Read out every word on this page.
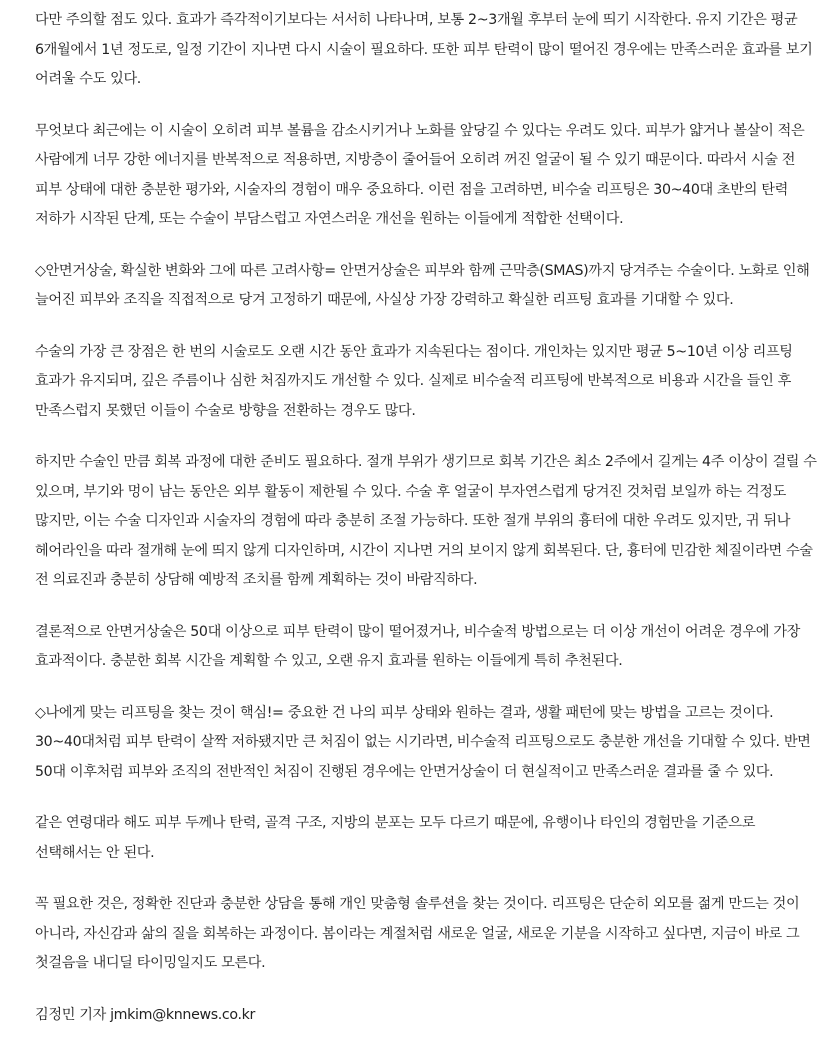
다만 주의할 점도 있다. 효과가 즉각적이기보다는 서서히 나타나며, 보통 2~3개월 후부터 눈에 띄기 시작한다. 유지 기간은 평균 6개월에서 1년 정도로, 일정 기간이 지나면 다시 시술이 필요하다. 또한 피부 탄력이 많이 떨어진 경우에는 만족스러운 효과를 보기 어려울 수도 있다.

무엇보다 최근에는 이 시술이 오히려 피부 볼륨을 감소시키거나 노화를 앞당길 수 있다는 우려도 있다. 피부가 얇거나 볼살이 적은 사람에게 너무 강한 에너지를 반복적으로 적용하면, 지방층이 줄어들어 오히려 꺼진 얼굴이 될 수 있기 때문이다. 따라서 시술 전 피부 상태에 대한 충분한 평가와, 시술자의 경험이 매우 중요하다. 이런 점을 고려하면, 비수술 리프팅은 30~40대 초반의 탄력 저하가 시작된 단계, 또는 수술이 부담스럽고 자연스러운 개선을 원하는 이들에게 적합한 선택이다.

◇안면거상술, 확실한 변화와 그에 따른 고려사항= 안면거상술은 피부와 함께 근막층(SMAS)까지 당겨주는 수술이다. 노화로 인해 늘어진 피부와 조직을 직접적으로 당겨 고정하기 때문에, 사실상 가장 강력하고 확실한 리프팅 효과를 기대할 수 있다.

수술의 가장 큰 장점은 한 번의 시술로도 오랜 시간 동안 효과가 지속된다는 점이다. 개인차는 있지만 평균 5~10년 이상 리프팅 효과가 유지되며, 깊은 주름이나 심한 처짐까지도 개선할 수 있다. 실제로 비수술적 리프팅에 반복적으로 비용과 시간을 들인 후 만족스럽지 못했던 이들이 수술로 방향을 전환하는 경우도 많다.

하지만 수술인 만큼 회복 과정에 대한 준비도 필요하다. 절개 부위가 생기므로 회복 기간은 최소 2주에서 길게는 4주 이상이 걸릴 수 있으며, 부기와 멍이 남는 동안은 외부 활동이 제한될 수 있다. 수술 후 얼굴이 부자연스럽게 당겨진 것처럼 보일까 하는 걱정도 많지만, 이는 수술 디자인과 시술자의 경험에 따라 충분히 조절 가능하다. 또한 절개 부위의 흉터에 대한 우려도 있지만, 귀 뒤나 헤어라인을 따라 절개해 눈에 띄지 않게 디자인하며, 시간이 지나면 거의 보이지 않게 회복된다. 단, 흉터에 민감한 체질이라면 수술 전 의료진과 충분히 상담해 예방적 조치를 함께 계획하는 것이 바람직하다.

결론적으로 안면거상술은 50대 이상으로 피부 탄력이 많이 떨어졌거나, 비수술적 방법으로는 더 이상 개선이 어려운 경우에 가장 효과적이다. 충분한 회복 시간을 계획할 수 있고, 오랜 유지 효과를 원하는 이들에게 특히 추천된다.

◇나에게 맞는 리프팅을 찾는 것이 핵심!= 중요한 건 나의 피부 상태와 원하는 결과, 생활 패턴에 맞는 방법을 고르는 것이다. 30~40대처럼 피부 탄력이 살짝 저하됐지만 큰 처짐이 없는 시기라면, 비수술적 리프팅으로도 충분한 개선을 기대할 수 있다. 반면 50대 이후처럼 피부와 조직의 전반적인 처짐이 진행된 경우에는 안면거상술이 더 현실적이고 만족스러운 결과를 줄 수 있다.

같은 연령대라 해도 피부 두께나 탄력, 골격 구조, 지방의 분포는 모두 다르기 때문에, 유행이나 타인의 경험만을 기준으로 선택해서는 안 된다.

꼭 필요한 것은, 정확한 진단과 충분한 상담을 통해 개인 맞춤형 솔루션을 찾는 것이다. 리프팅은 단순히 외모를 젊게 만드는 것이 아니라, 자신감과 삶의 질을 회복하는 과정이다. 봄이라는 계절처럼 새로운 얼굴, 새로운 기분을 시작하고 싶다면, 지금이 바로 그 첫걸음을 내디딜 타이밍일지도 모른다.

김정민 기자 jmkim@knnews.co.kr
